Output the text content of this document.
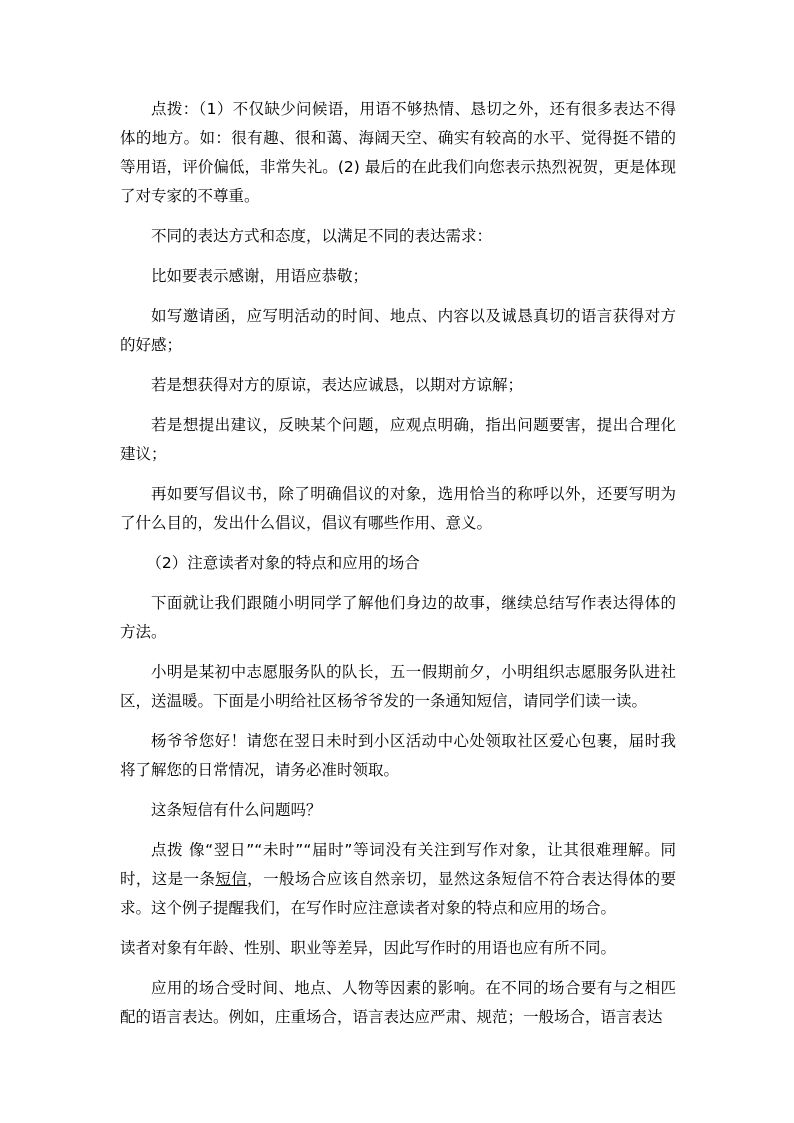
点拨：（1）不仅缺少问候语，用语不够热情、恳切之外，还有很多表达不得体的地方。如：很有趣、很和蔼、海阔天空、确实有较高的水平、觉得挺不错的等用语，评价偏低，非常失礼。(2) 最后的在此我们向您表示热烈祝贺，更是体现了对专家的不尊重。

不同的表达方式和态度，以满足不同的表达需求：

比如要表示感谢，用语应恭敬；

如写邀请函，应写明活动的时间、地点、内容以及诚恳真切的语言获得对方的好感；

若是想获得对方的原谅，表达应诚恳，以期对方谅解；

若是想提出建议，反映某个问题，应观点明确，指出问题要害，提出合理化建议；

再如要写倡议书，除了明确倡议的对象，选用恰当的称呼以外，还要写明为了什么目的，发出什么倡议，倡议有哪些作用、意义。

（2）注意读者对象的特点和应用的场合

下面就让我们跟随小明同学了解他们身边的故事，继续总结写作表达得体的方法。

小明是某初中志愿服务队的队长，五一假期前夕，小明组织志愿服务队进社区，送温暖。下面是小明给社区杨爷爷发的一条通知短信，请同学们读一读。

杨爷爷您好！请您在翌日未时到小区活动中心处领取社区爱心包裹，届时我将了解您的日常情况，请务必准时领取。

这条短信有什么问题吗？

点拨 像“翌日”“未时”“届时”等词没有关注到写作对象，让其很难理解。同时，这是一条短信，一般场合应该自然亲切，显然这条短信不符合表达得体的要求。这个例子提醒我们，在写作时应注意读者对象的特点和应用的场合。

读者对象有年龄、性别、职业等差异，因此写作时的用语也应有所不同。

应用的场合受时间、地点、人物等因素的影响。在不同的场合要有与之相匹配的语言表达。例如，庄重场合，语言表达应严肃、规范；一般场合，语言表达
